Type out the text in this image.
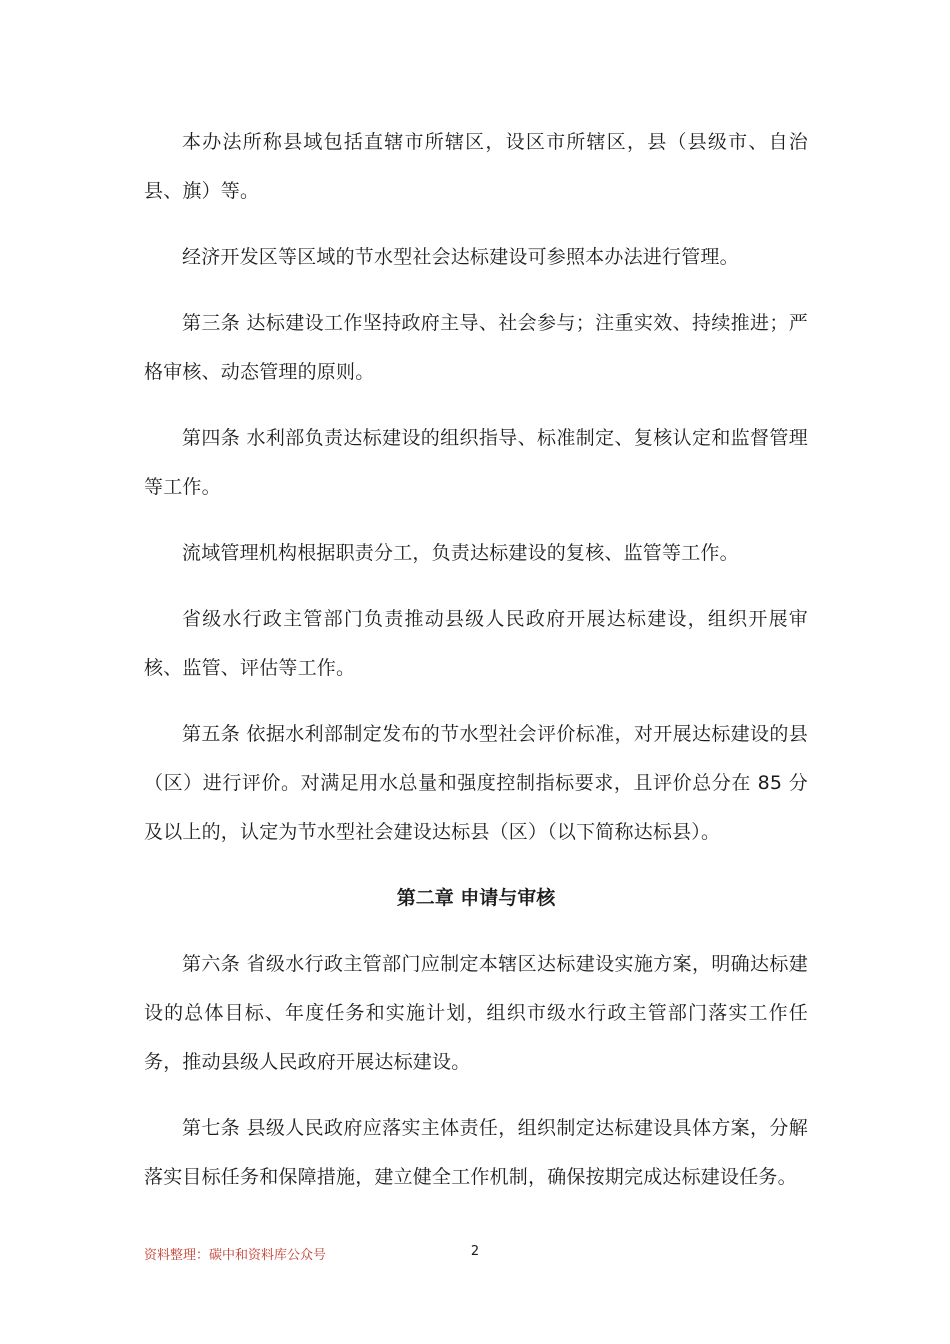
本办法所称县域包括直辖市所辖区，设区市所辖区，县（县级市、自治县、旗）等。

经济开发区等区域的节水型社会达标建设可参照本办法进行管理。

第三条 达标建设工作坚持政府主导、社会参与；注重实效、持续推进；严格审核、动态管理的原则。

第四条 水利部负责达标建设的组织指导、标准制定、复核认定和监督管理等工作。

流域管理机构根据职责分工，负责达标建设的复核、监管等工作。

省级水行政主管部门负责推动县级人民政府开展达标建设，组织开展审核、监管、评估等工作。

第五条 依据水利部制定发布的节水型社会评价标准，对开展达标建设的县（区）进行评价。对满足用水总量和强度控制指标要求，且评价总分在 85 分及以上的，认定为节水型社会建设达标县（区）（以下简称达标县）。

第二章 申请与审核

第六条 省级水行政主管部门应制定本辖区达标建设实施方案，明确达标建设的总体目标、年度任务和实施计划，组织市级水行政主管部门落实工作任务，推动县级人民政府开展达标建设。

第七条 县级人民政府应落实主体责任，组织制定达标建设具体方案，分解落实目标任务和保障措施，建立健全工作机制，确保按期完成达标建设任务。

资料整理：碳中和资料库公众号	2
